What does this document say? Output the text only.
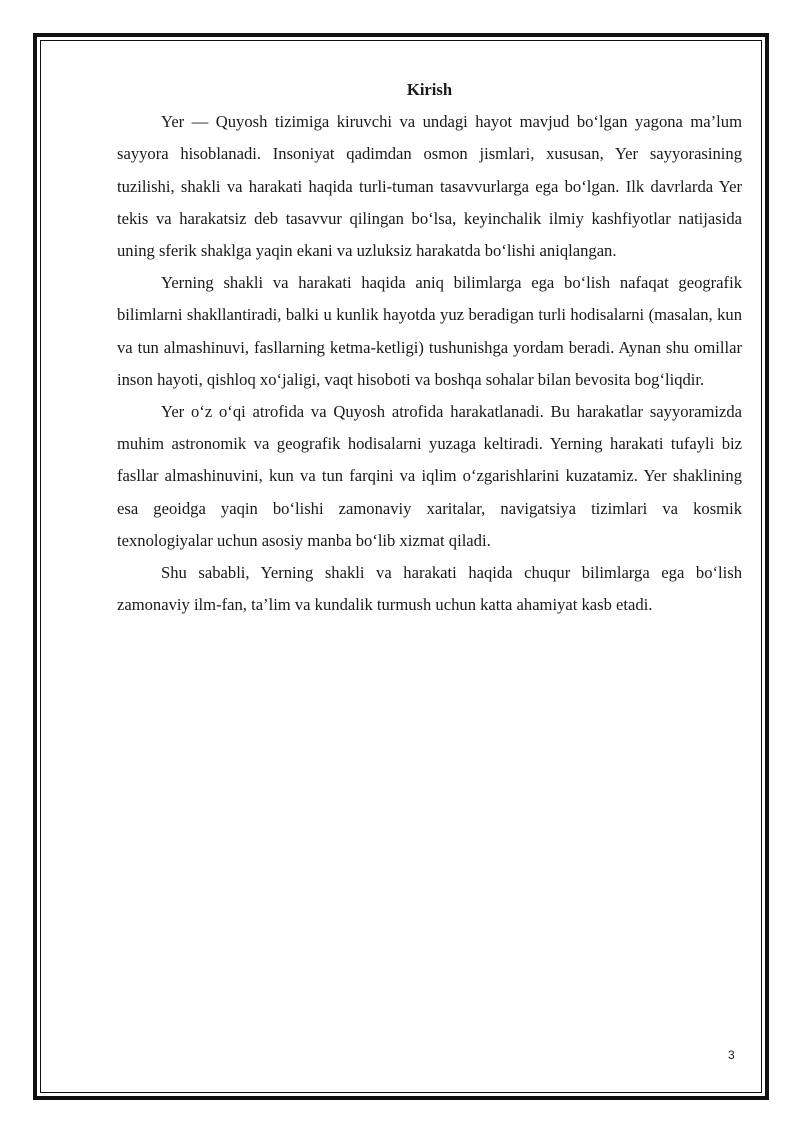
Kirish

Yer — Quyosh tizimiga kiruvchi va undagi hayot mavjud bo‘lgan yagona ma’lum sayyora hisoblanadi. Insoniyat qadimdan osmon jismlari, xususan, Yer sayyorasining tuzilishi, shakli va harakati haqida turli-tuman tasavvurlarga ega bo‘lgan. Ilk davrlarda Yer tekis va harakatsiz deb tasavvur qilingan bo‘lsa, keyinchalik ilmiy kashfiyotlar natijasida uning sferik shaklga yaqin ekani va uzluksiz harakatda bo‘lishi aniqlangan.

Yerning shakli va harakati haqida aniq bilimlarga ega bo‘lish nafaqat geografik bilimlarni shakllantiradi, balki u kunlik hayotda yuz beradigan turli hodisalarni (masalan, kun va tun almashinuvi, fasllarning ketma-ketligi) tushunishga yordam beradi. Aynan shu omillar inson hayoti, qishloq xo‘jaligi, vaqt hisoboti va boshqa sohalar bilan bevosita bog‘liqdir.

Yer o‘z o‘qi atrofida va Quyosh atrofida harakatlanadi. Bu harakatlar sayyoramizda muhim astronomik va geografik hodisalarni yuzaga keltiradi. Yerning harakati tufayli biz fasllar almashinuvini, kun va tun farqini va iqlim o‘zgarishlarini kuzatamiz. Yer shaklining esa geoidga yaqin bo‘lishi zamonaviy xaritalar, navigatsiya tizimlari va kosmik texnologiyalar uchun asosiy manba bo‘lib xizmat qiladi.

Shu sababli, Yerning shakli va harakati haqida chuqur bilimlarga ega bo‘lish zamonaviy ilm-fan, ta’lim va kundalik turmush uchun katta ahamiyat kasb etadi.

3
